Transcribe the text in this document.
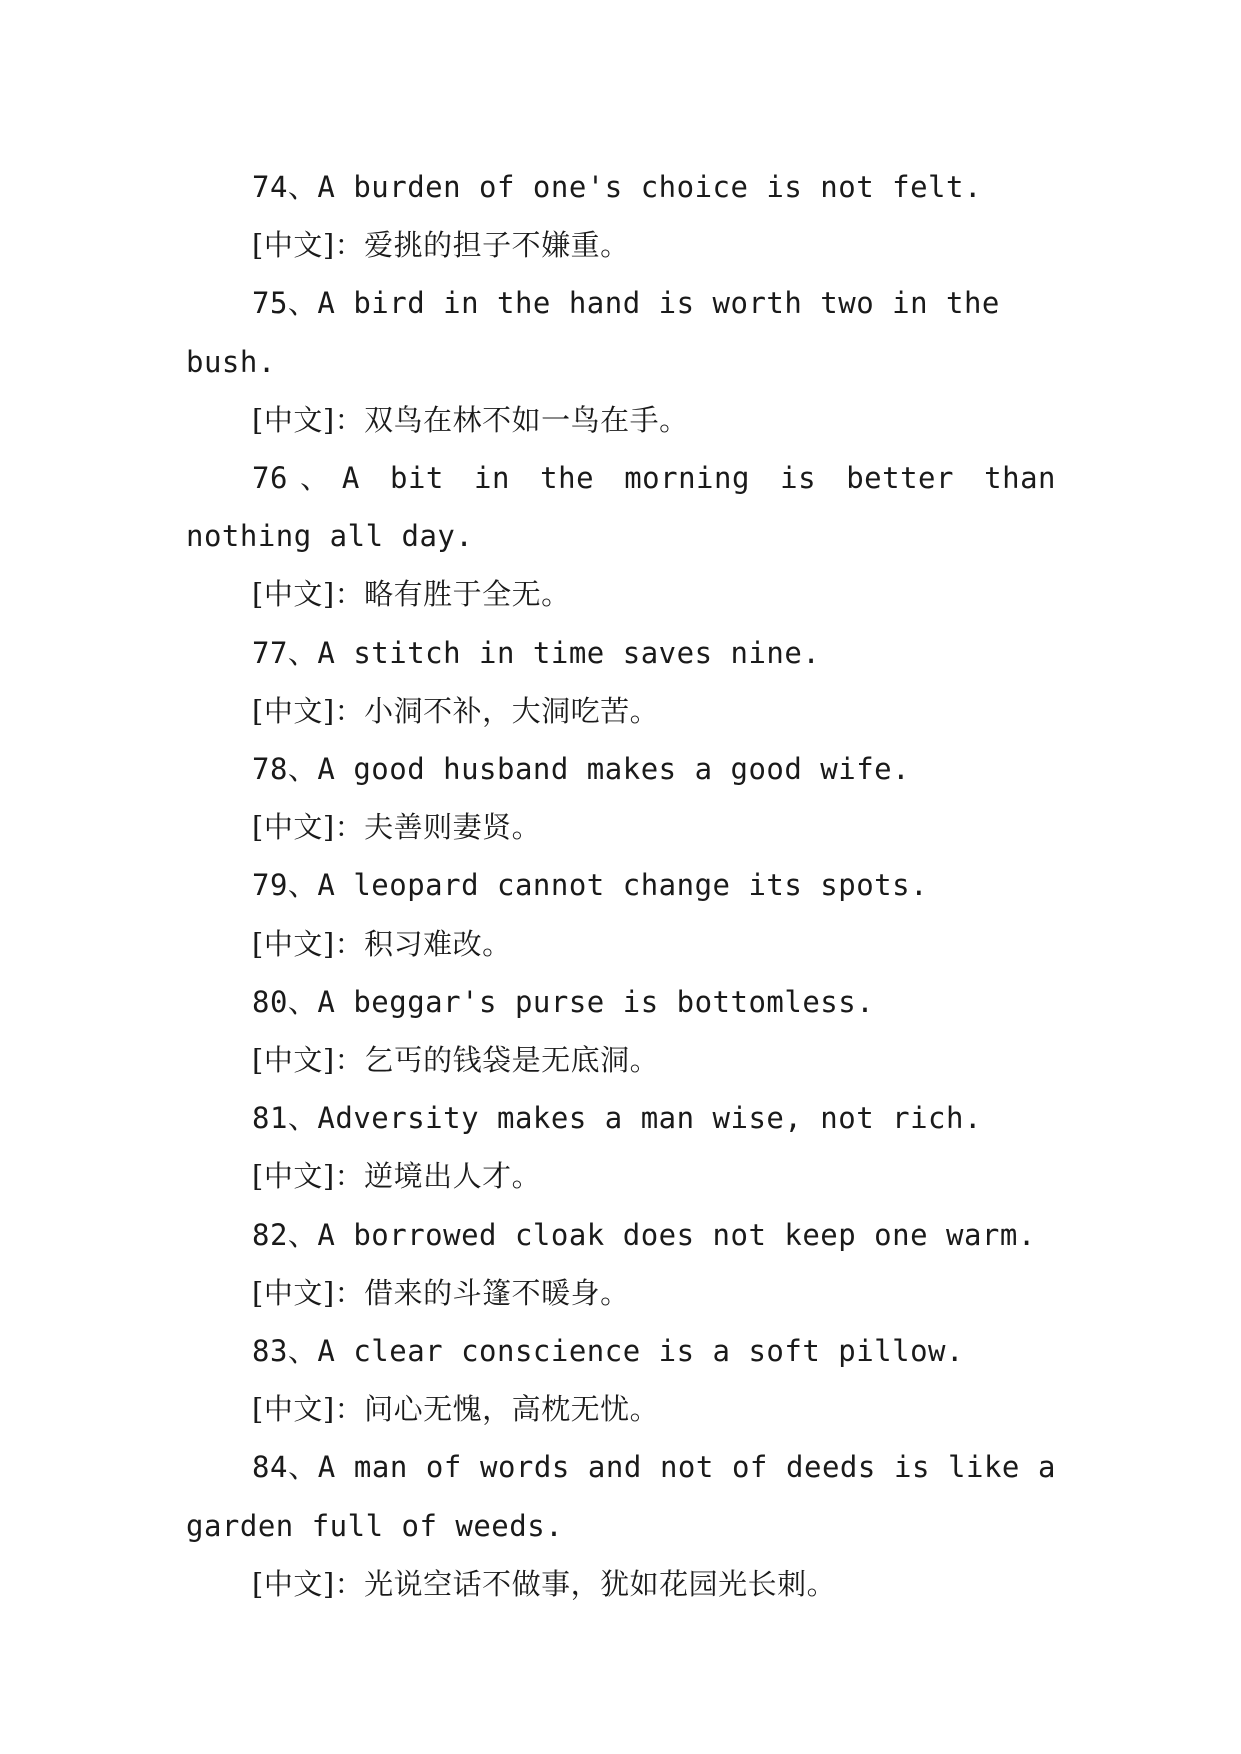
74、A burden of one's choice is not felt.

[中文]：爱挑的担子不嫌重。

75、A bird in the hand is worth two in the bush.

[中文]：双鸟在林不如一鸟在手。

76、A bit in the morning is better than nothing all day.

[中文]：略有胜于全无。

77、A stitch in time saves nine.

[中文]：小洞不补，大洞吃苦。

78、A good husband makes a good wife.

[中文]：夫善则妻贤。

79、A leopard cannot change its spots.

[中文]：积习难改。

80、A beggar's purse is bottomless.

[中文]：乞丐的钱袋是无底洞。

81、Adversity makes a man wise, not rich.

[中文]：逆境出人才。

82、A borrowed cloak does not keep one warm.

[中文]：借来的斗篷不暖身。

83、A clear conscience is a soft pillow.

[中文]：问心无愧，高枕无忧。

84、A man of words and not of deeds is like a garden full of weeds.

[中文]：光说空话不做事，犹如花园光长刺。
